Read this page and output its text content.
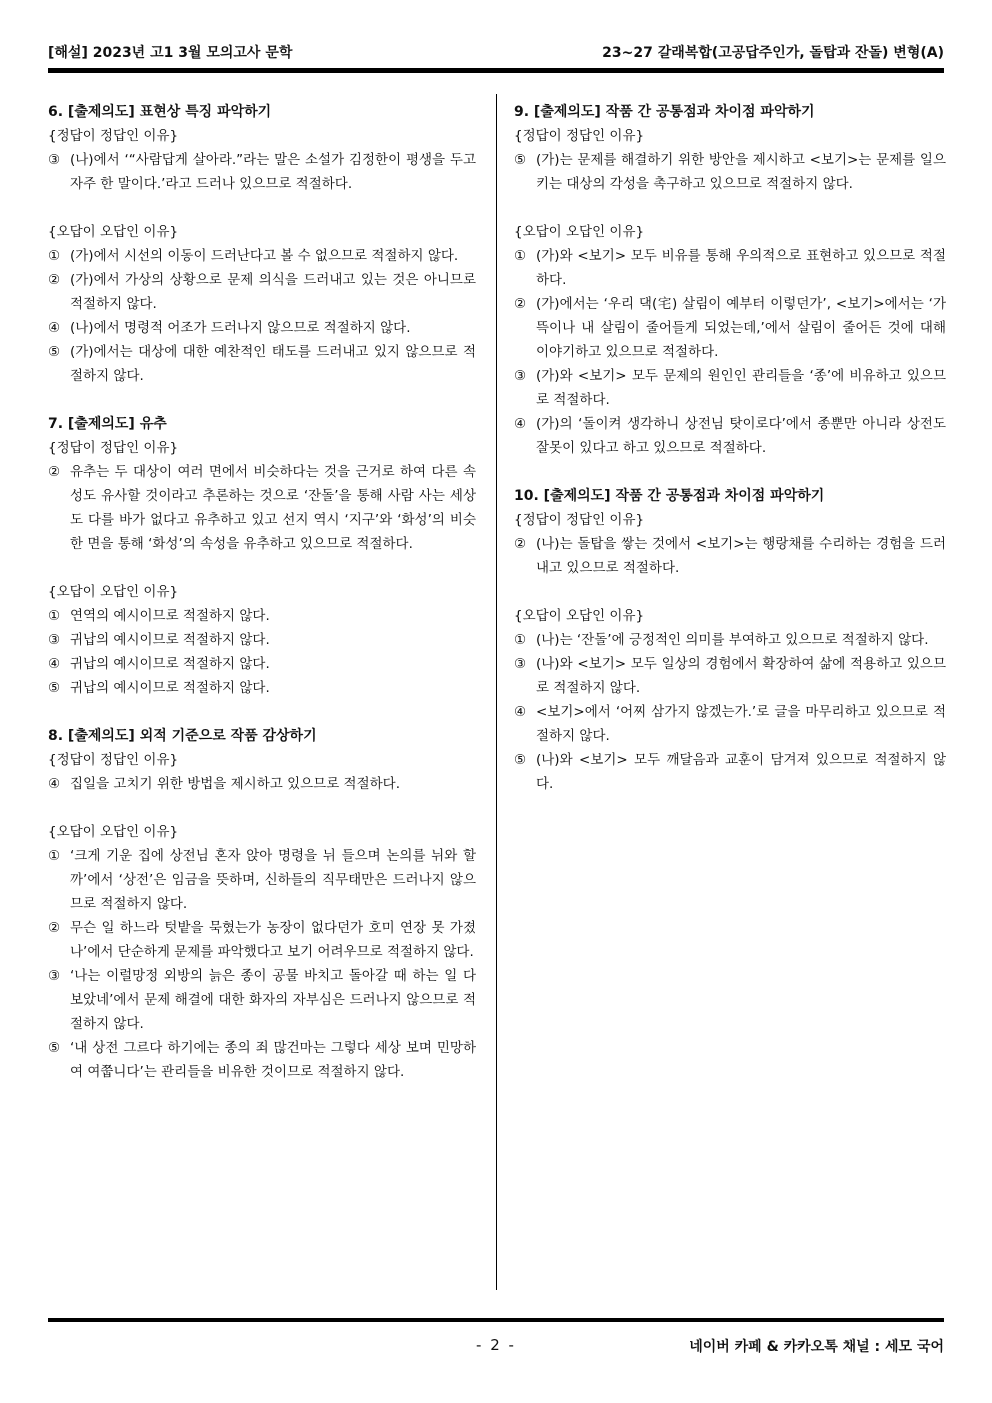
[해설] 2023년 고1 3월 모의고사 문학	23~27 갈래복합(고공답주인가, 돌탑과 잔돌) 변형(A)
6. [출제의도] 표현상 특징 파악하기
{정답이 정답인 이유}
③ (나)에서 ‘“사람답게 살아라.”라는 말은 소설가 김정한이 평생을 두고 자주 한 말이다.’라고 드러나 있으므로 적절하다.
{오답이 오답인 이유}
① (가)에서 시선의 이동이 드러난다고 볼 수 없으므로 적절하지 않다.
② (가)에서 가상의 상황으로 문제 의식을 드러내고 있는 것은 아니므로 적절하지 않다.
④ (나)에서 명령적 어조가 드러나지 않으므로 적절하지 않다.
⑤ (가)에서는 대상에 대한 예찬적인 태도를 드러내고 있지 않으므로 적절하지 않다.
7. [출제의도] 유추
{정답이 정답인 이유}
② 유추는 두 대상이 여러 면에서 비슷하다는 것을 근거로 하여 다른 속성도 유사할 것이라고 추론하는 것으로 ‘잔돌’을 통해 사람 사는 세상도 다를 바가 없다고 유추하고 있고 선지 역시 ‘지구’와 ‘화성’의 비슷한 면을 통해 ‘화성’의 속성을 유추하고 있으므로 적절하다.
{오답이 오답인 이유}
① 연역의 예시이므로 적절하지 않다.
③ 귀납의 예시이므로 적절하지 않다.
④ 귀납의 예시이므로 적절하지 않다.
⑤ 귀납의 예시이므로 적절하지 않다.
8. [출제의도] 외적 기준으로 작품 감상하기
{정답이 정답인 이유}
④ 집일을 고치기 위한 방법을 제시하고 있으므로 적절하다.
{오답이 오답인 이유}
① ‘크게 기운 집에 상전님 혼자 앉아 명령을 뉘 들으며 논의를 뉘와 할까’에서 ‘상전’은 임금을 뜻하며, 신하들의 직무태만은 드러나지 않으므로 적절하지 않다.
② 무슨 일 하느라 텃밭을 묵혔는가 농장이 없다던가 호미 연장 못 가졌나’에서 단순하게 문제를 파악했다고 보기 어려우므로 적절하지 않다.
③ ‘나는 이럴망정 외방의 늙은 종이 공물 바치고 돌아갈 때 하는 일 다 보았네’에서 문제 해결에 대한 화자의 자부심은 드러나지 않으므로 적절하지 않다.
⑤ ‘내 상전 그르다 하기에는 종의 죄 많건마는 그렇다 세상 보며 민망하여 여쭙니다’는 관리들을 비유한 것이므로 적절하지 않다.
9. [출제의도] 작품 간 공통점과 차이점 파악하기
{정답이 정답인 이유}
⑤ (가)는 문제를 해결하기 위한 방안을 제시하고 <보기>는 문제를 일으키는 대상의 각성을 촉구하고 있으므로 적절하지 않다.
{오답이 오답인 이유}
① (가)와 <보기> 모두 비유를 통해 우의적으로 표현하고 있으므로 적절하다.
② (가)에서는 ‘우리 댁(宅) 살림이 예부터 이렇던가’, <보기>에서는 ‘가뜩이나 내 살림이 줄어들게 되었는데,’에서 살림이 줄어든 것에 대해 이야기하고 있으므로 적절하다.
③ (가)와 <보기> 모두 문제의 원인인 관리들을 ‘종’에 비유하고 있으므로 적절하다.
④ (가)의 ‘돌이켜 생각하니 상전님 탓이로다’에서 종뿐만 아니라 상전도 잘못이 있다고 하고 있으므로 적절하다.
10. [출제의도] 작품 간 공통점과 차이점 파악하기
{정답이 정답인 이유}
② (나)는 돌탑을 쌓는 것에서 <보기>는 행랑채를 수리하는 경험을 드러내고 있으므로 적절하다.
{오답이 오답인 이유}
① (나)는 ‘잔돌’에 긍정적인 의미를 부여하고 있으므로 적절하지 않다.
③ (나)와 <보기> 모두 일상의 경험에서 확장하여 삶에 적용하고 있으므로 적절하지 않다.
④ <보기>에서 ‘어찌 삼가지 않겠는가.’로 글을 마무리하고 있으므로 적절하지 않다.
⑤ (나)와 <보기> 모두 깨달음과 교훈이 담겨져 있으므로 적절하지 않다.
- 2 -	네이버 카페 & 카카오톡 채널 : 세모 국어
